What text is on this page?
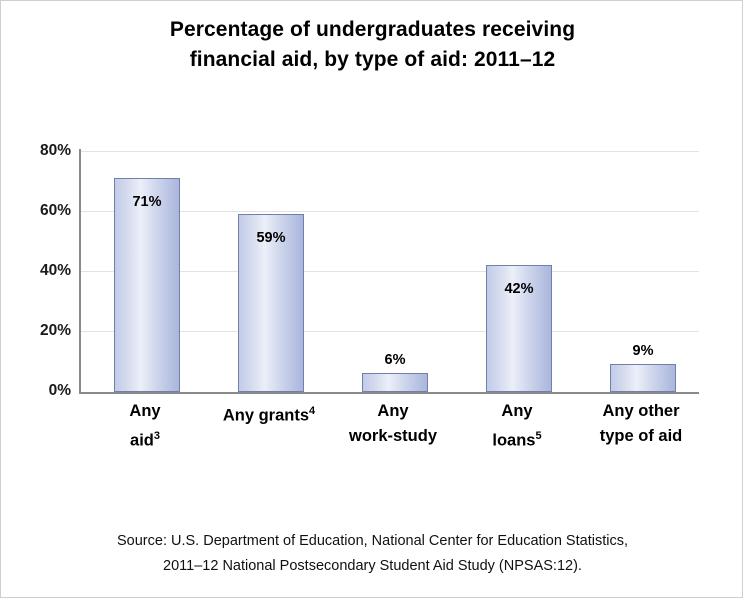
Percentage of undergraduates receiving
financial aid, by type of aid: 2011–12
80%
60%
40%
20%
0%
71%
59%
6%
42%
9%
Any
aid$^3$
Any grants$^4$	Any
work-study
Any
loans$^5$
Any other
type of aid
Source: U.S. Department of Education, National Center for Education Statistics,
2011–12 National Postsecondary Student Aid Study (NPSAS:12).
